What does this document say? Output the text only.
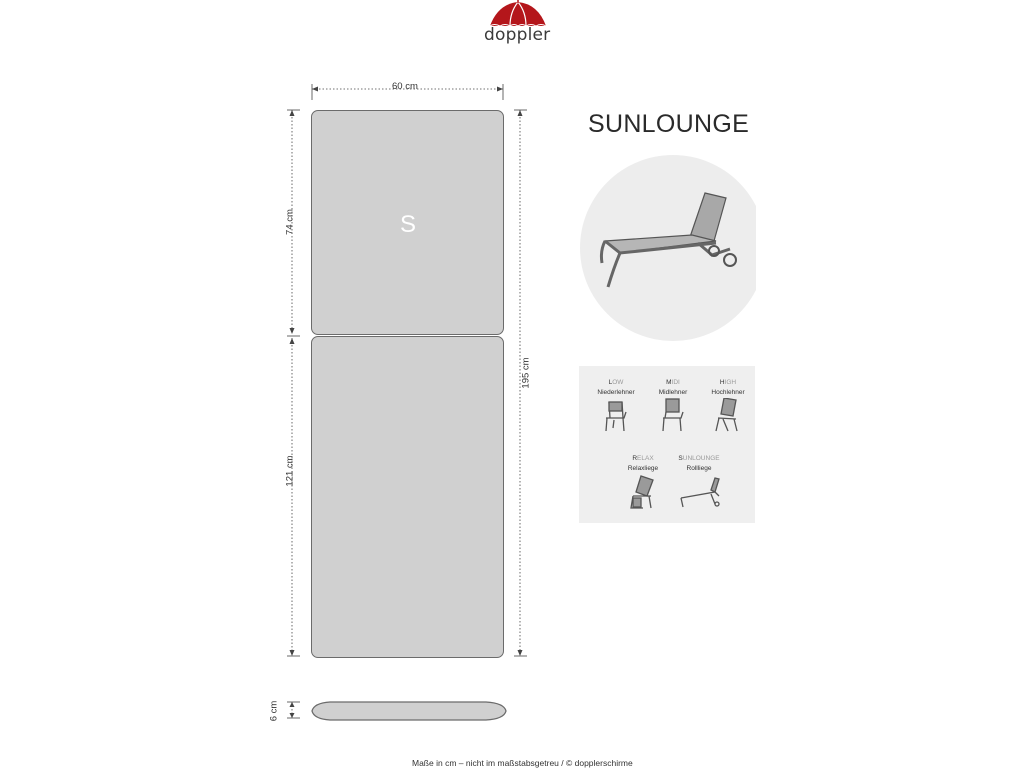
doppler
60 cm
74 cm
121 cm
195 cm
6 cm
S
SUNLOUNGE
LOW
Niederlehner
MIDI
Midlehner
HIGH
Hochlehner
RELAX
Relaxliege
SUNLOUNGE
Rollliege
Maße in cm – nicht im maßstabsgetreu / © dopplerschirme
